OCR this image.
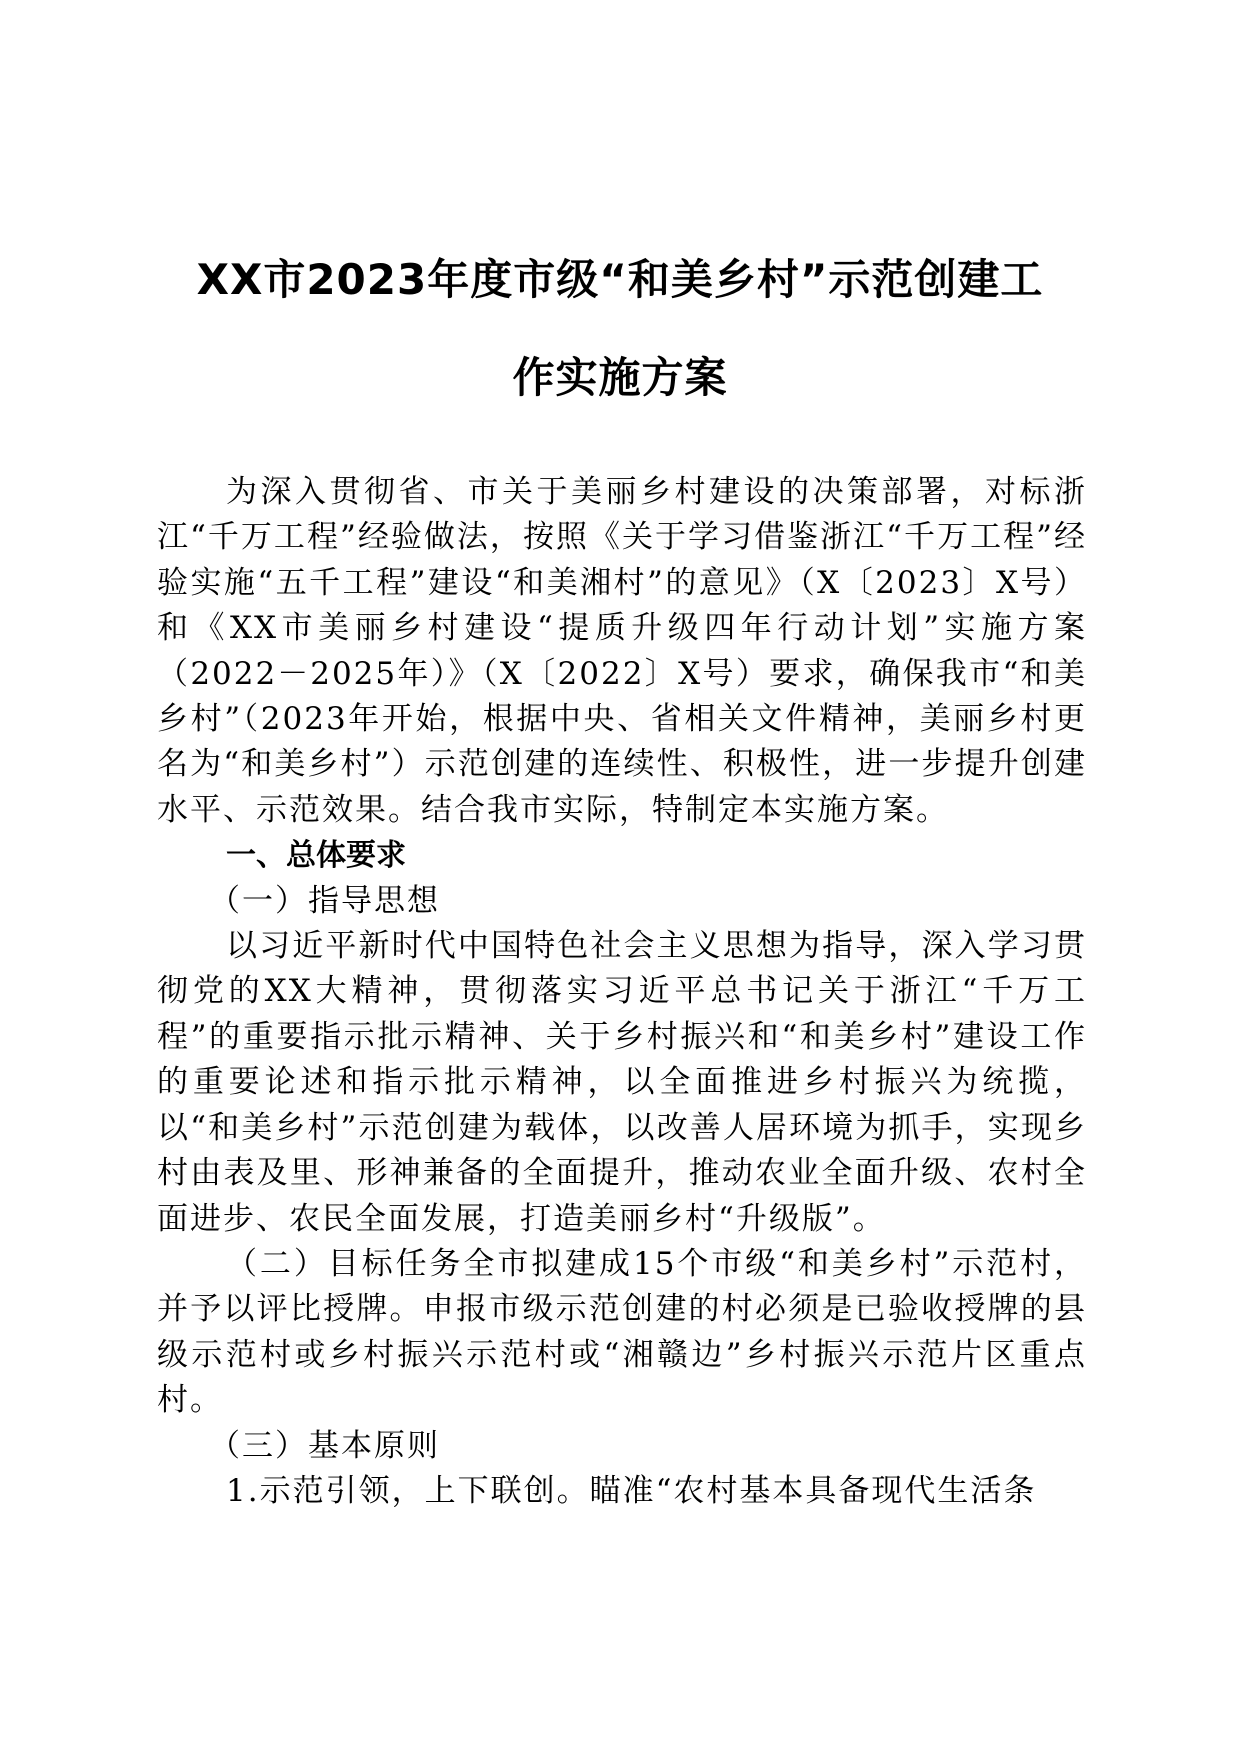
XX市2023年度市级“和美乡村”示范创建工
作实施方案

为深入贯彻省、市关于美丽乡村建设的决策部署，对标浙江“千万工程”经验做法，按照《关于学习借鉴浙江“千万工程”经验实施“五千工程”建设“和美湘村”的意见》（X〔2023〕X号）和《XX市美丽乡村建设“提质升级四年行动计划”实施方案（2022－2025年）》（X〔2022〕X号）要求，确保我市“和美乡村”（2023年开始，根据中央、省相关文件精神，美丽乡村更名为“和美乡村”）示范创建的连续性、积极性，进一步提升创建水平、示范效果。结合我市实际，特制定本实施方案。

一、总体要求

（一）指导思想

以习近平新时代中国特色社会主义思想为指导，深入学习贯彻党的XX大精神，贯彻落实习近平总书记关于浙江“千万工程”的重要指示批示精神、关于乡村振兴和“和美乡村”建设工作的重要论述和指示批示精神，以全面推进乡村振兴为统揽，以“和美乡村”示范创建为载体，以改善人居环境为抓手，实现乡村由表及里、形神兼备的全面提升，推动农业全面升级、农村全面进步、农民全面发展，打造美丽乡村“升级版”。

（二）目标任务全市拟建成15个市级“和美乡村”示范村，并予以评比授牌。申报市级示范创建的村必须是已验收授牌的县级示范村或乡村振兴示范村或“湘赣边”乡村振兴示范片区重点村。

（三）基本原则

1.示范引领，上下联创。瞄准“农村基本具备现代生活条
